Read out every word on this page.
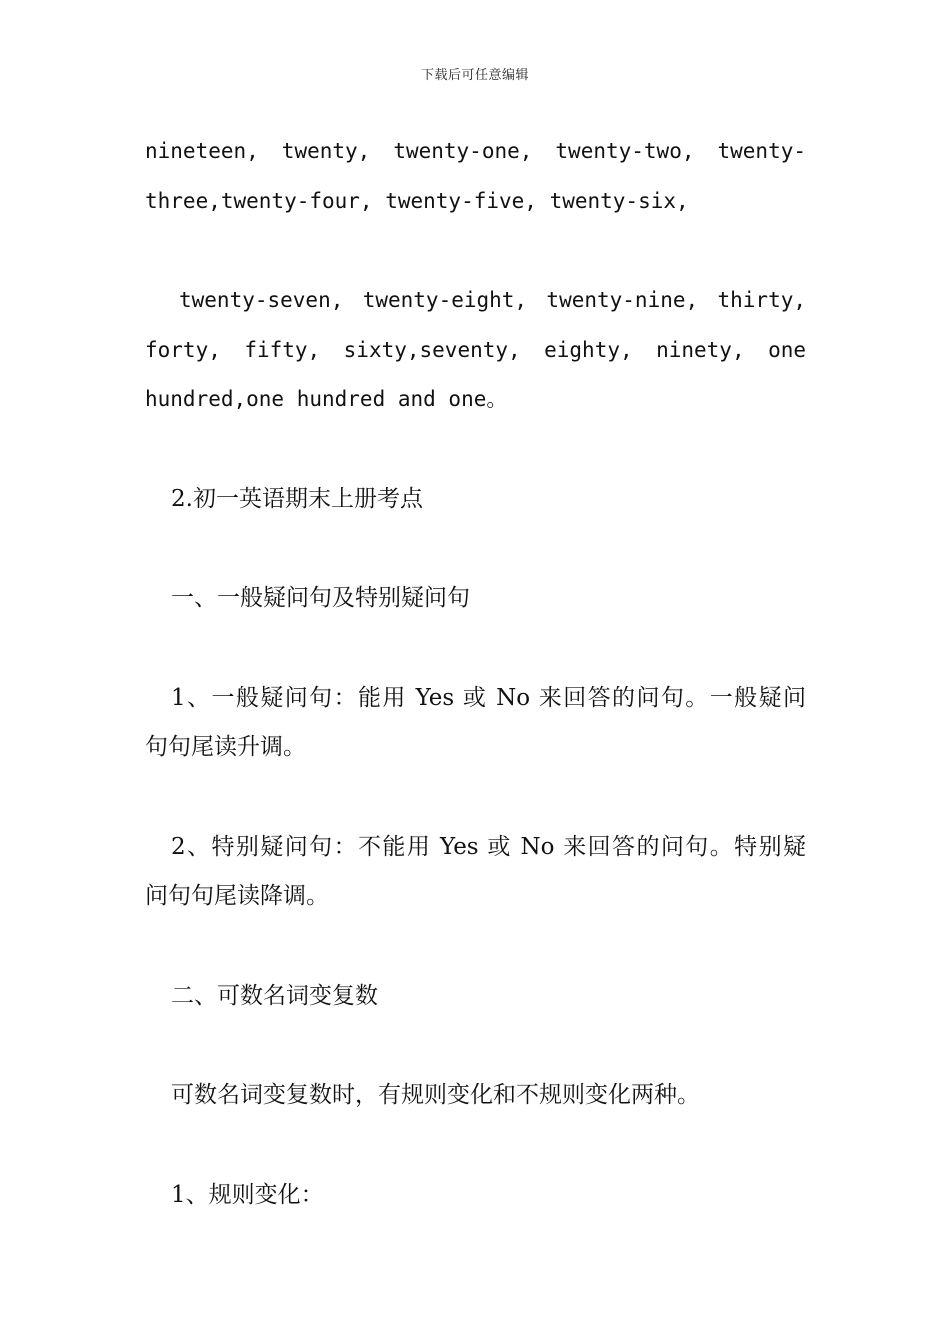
下载后可任意编辑
nineteen, twenty, twenty-one, twenty-two, twenty-
three,twenty-four, twenty-five, twenty-six,
twenty-seven, twenty-eight, twenty-nine, thirty,
forty, fifty, sixty,seventy, eighty, ninety, one
hundred,one hundred and one。
2.初一英语期末上册考点
一、一般疑问句及特别疑问句
1、一般疑问句：能用 Yes 或 No 来回答的问句。一般疑问
句句尾读升调。
2、特别疑问句：不能用 Yes 或 No 来回答的问句。特别疑
问句句尾读降调。
二、可数名词变复数
可数名词变复数时，有规则变化和不规则变化两种。
1、规则变化：
